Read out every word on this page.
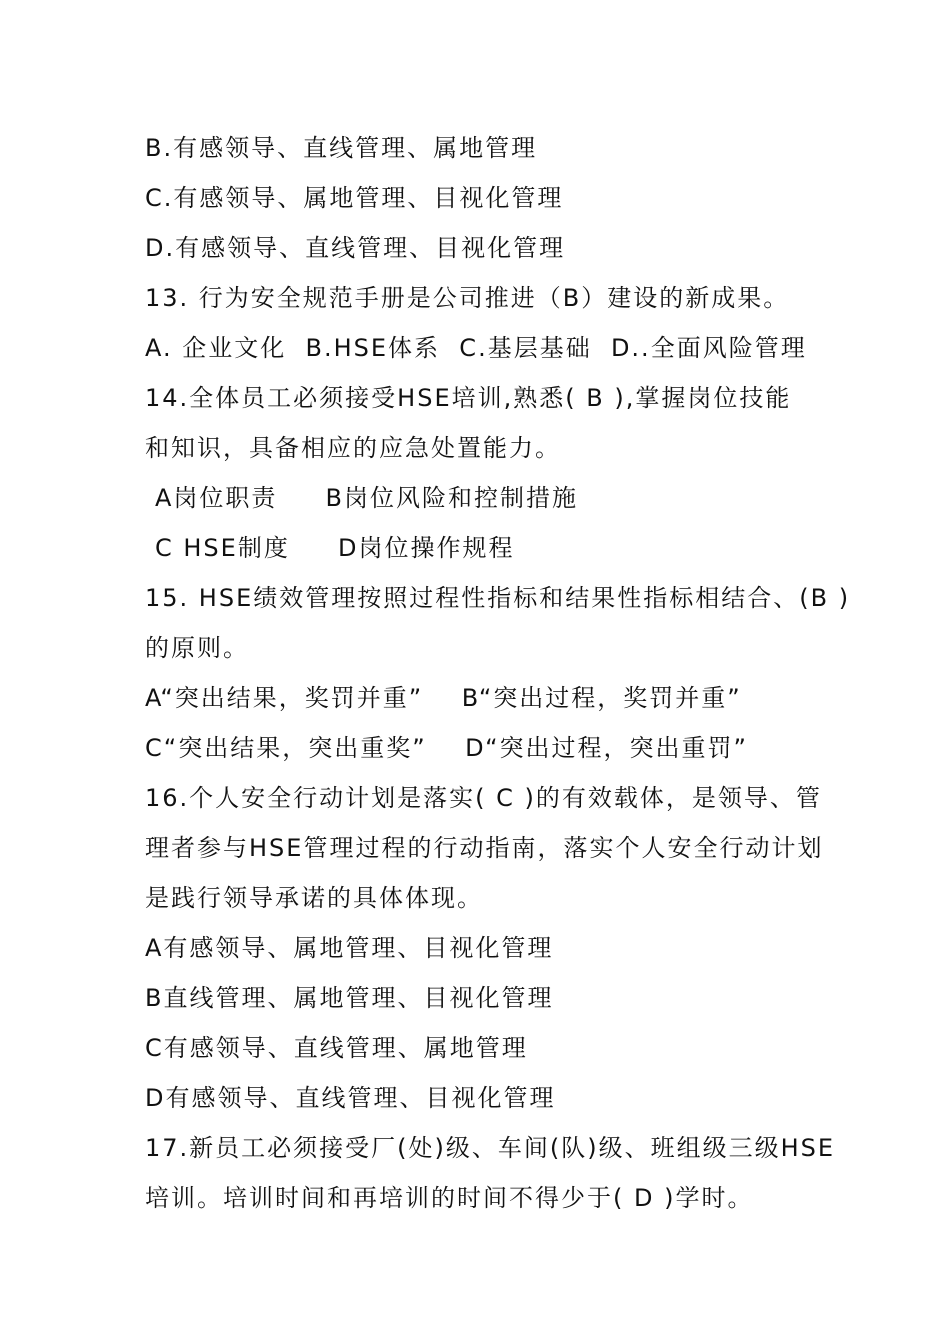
B.有感领导、直线管理、属地管理
C.有感领导、属地管理、目视化管理
D.有感领导、直线管理、目视化管理
13. 行为安全规范手册是公司推进（B）建设的新成果。
A. 企业文化  B.HSE体系  C.基层基础  D..全面风险管理
14.全体员工必须接受HSE培训,熟悉( B ),掌握岗位技能
和知识，具备相应的应急处置能力。
A岗位职责     B岗位风险和控制措施
C HSE制度     D岗位操作规程
15. HSE绩效管理按照过程性指标和结果性指标相结合、(B )
的原则。
A“突出结果，奖罚并重”    B“突出过程，奖罚并重”
C“突出结果，突出重奖”    D“突出过程，突出重罚”
16.个人安全行动计划是落实( C )的有效载体，是领导、管
理者参与HSE管理过程的行动指南，落实个人安全行动计划
是践行领导承诺的具体体现。
A有感领导、属地管理、目视化管理
B直线管理、属地管理、目视化管理
C有感领导、直线管理、属地管理
D有感领导、直线管理、目视化管理
17.新员工必须接受厂(处)级、车间(队)级、班组级三级HSE
培训。培训时间和再培训的时间不得少于( D )学时。
